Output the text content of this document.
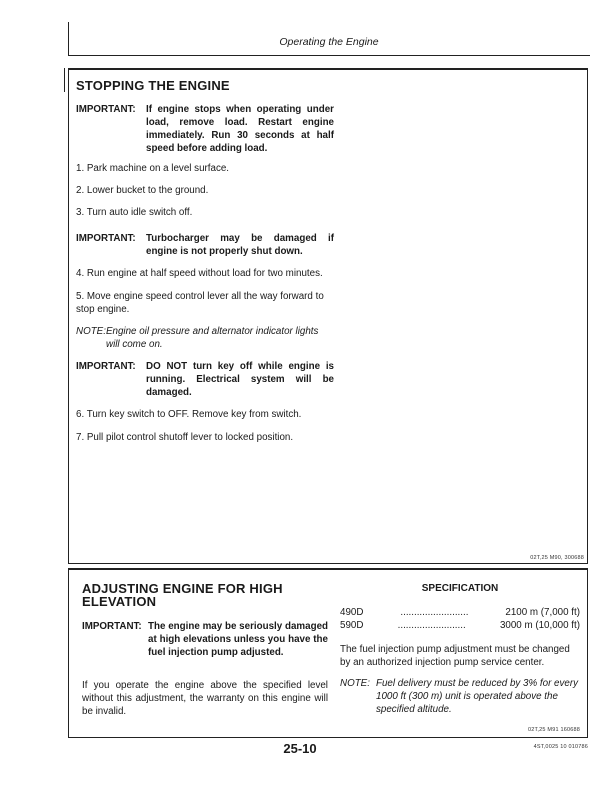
Operating the Engine
STOPPING THE ENGINE
IMPORTANT:	If engine stops when operating under load, remove load. Restart engine immediately. Run 30 seconds at half speed before adding load.
1. Park machine on a level surface.
2. Lower bucket to the ground.
3. Turn auto idle switch off.
IMPORTANT:	Turbocharger may be damaged if engine is not properly shut down.
4. Run engine at half speed without load for two minutes.
5. Move engine speed control lever all the way forward to stop engine.
NOTE: Engine oil pressure and alternator indicator lights will come on.
IMPORTANT:	DO NOT turn key off while engine is running. Electrical system will be damaged.
6. Turn key switch to OFF. Remove key from switch.
7. Pull pilot control shutoff lever to locked position.
02T,25 M90, 300688
ADJUSTING ENGINE FOR HIGH ELEVATION
IMPORTANT: The engine may be seriously damaged at high elevations unless you have the fuel injection pump adjusted.
If you operate the engine above the specified level without this adjustment, the warranty on this engine will be invalid.
SPECIFICATION
490D	.........................	2100 m (7,000 ft)
590D	.........................	3000 m (10,000 ft)
The fuel injection pump adjustment must be changed by an authorized injection pump service center.
NOTE: Fuel delivery must be reduced by 3% for every 1000 ft (300 m) unit is operated above the specified altitude.
02T,25 M91 160688
25-10	4ST,0025 10 010786
